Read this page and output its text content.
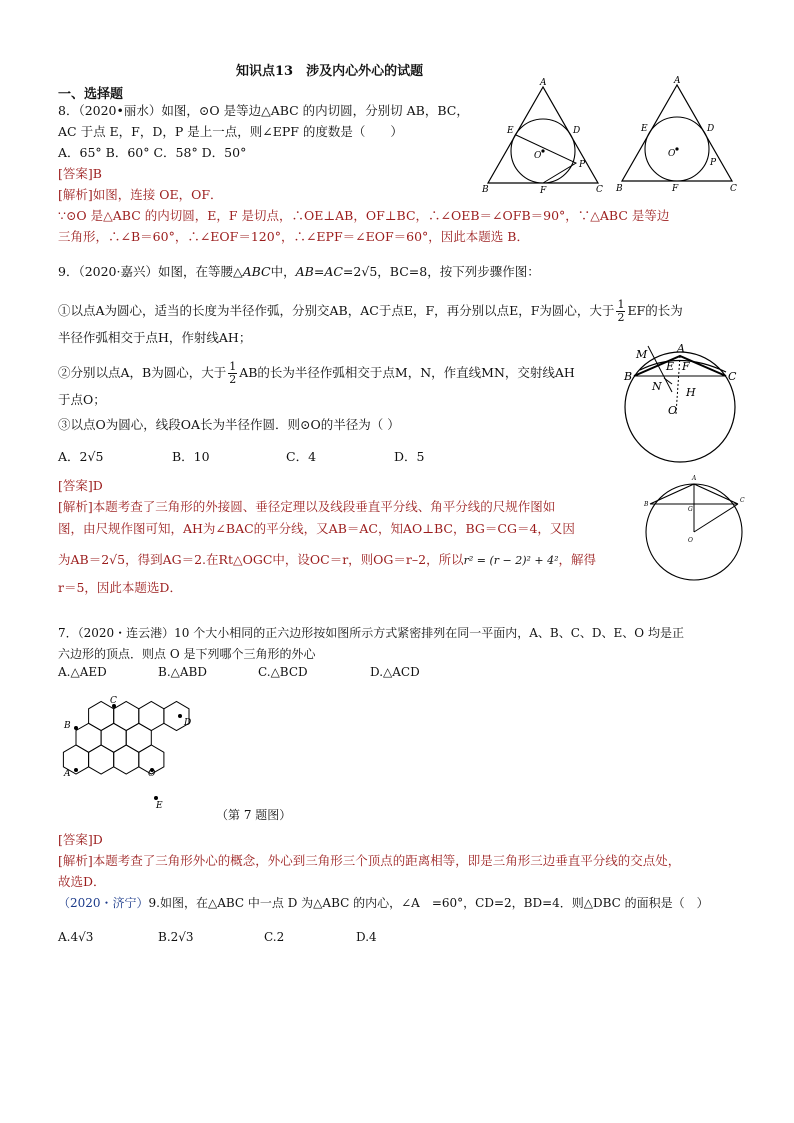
知识点13　涉及内心外心的试题
一、选择题
8．（2020•丽水）如图，⊙O 是等边△ABC 的内切圆，分别切 AB，BC，
AC 于点 E，F，D，P 是上一点，则∠EPF 的度数是（　　）
A．65° B．60° C．58° D．50°
[答案]B
[解析]如图，连接 OE，OF．
∵⊙O 是△ABC 的内切圆，E，F 是切点，∴OE⊥AB，OF⊥BC，∴∠OEB＝∠OFB＝90°，∵△ABC 是等边
三角形，∴∠B＝60°，∴∠EOF＝120°，∴∠EPF＝∠EOF＝60°，因此本题选 B．
A
E	D
O
P
B	F	C
A
E	D
O
P
B	F	C
9．（2020·嘉兴）如图，在等腰△ABC中，AB=AC=2√5，BC=8，按下列步骤作图：
①以点A为圆心，适当的长度为半径作弧，分别交AB，AC于点E，F，再分别以点E，F为圆心，大于 $\frac{1}{2}$ EF的长为
半径作弧相交于点H，作射线AH；
②分别以点A，B为圆心，大于 $\frac{1}{2}$ AB的长为半径作弧相交于点M，N，作直线MN，交射线AH
于点O；
③以点O为圆心，线段OA长为半径作圆．则⊙O的半径为（ ）
A．2√5	B．10	C．4	D．5
[答案]D
[解析]本题考查了三角形的外接圆、垂径定理以及线段垂直平分线、角平分线的尺规作图如
图，由尺规作图可知，AH为∠BAC的平分线，又AB＝AC，知AO⊥BC，BG＝CG＝4，又因
为AB＝2√5，得到AG＝2.在Rt△OGC中，设OC＝r，则OG＝r–2，所以r² = (r − 2)² + 4²，解得
r＝5，因此本题选D．
M	A
F
E
N H
O
B	C
A
B
G
C
O
7．（2020・连云港）10 个大小相同的正六边形按如图所示方式紧密排列在同一平面内，A、B、C、D、E、O 均是正
六边形的顶点．则点 O 是下列哪个三角形的外心
A.△AED	B.△ABD	C.△BCD	D.△ACD
C
B	D
A	O
E
（第 7 题图）
[答案]D
[解析]本题考查了三角形外心的概念，外心到三角形三个顶点的距离相等，即是三角形三边垂直平分线的交点处，
故选D．
（2020・济宁）9.如图，在△ABC 中一点 D 为△ABC 的内心，∠A　=60°，CD=2，BD=4．则△DBC 的面积是（　）
A.4√3	B.2√3	C.2	D.4
